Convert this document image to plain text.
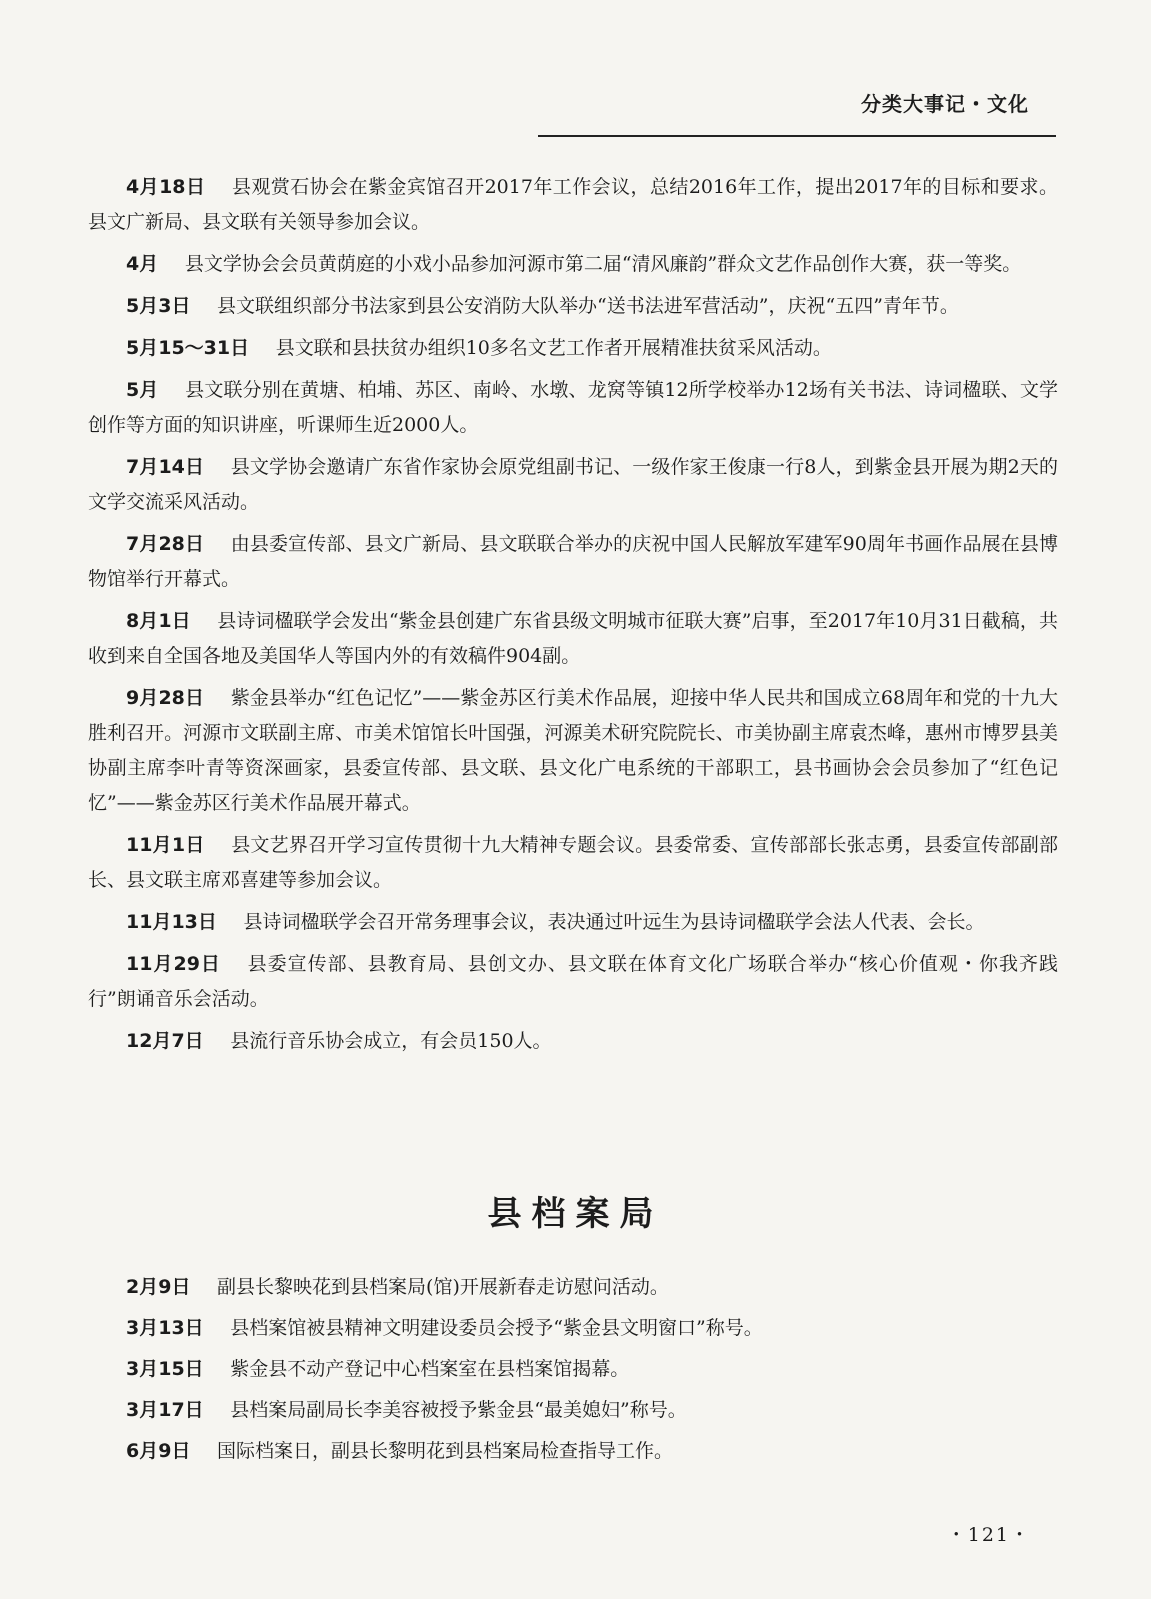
分类大事记・文化

4月18日 县观赏石协会在紫金宾馆召开2017年工作会议，总结2016年工作，提出2017年的目标和要求。县文广新局、县文联有关领导参加会议。

4月 县文学协会会员黄荫庭的小戏小品参加河源市第二届“清风廉韵”群众文艺作品创作大赛，获一等奖。

5月3日 县文联组织部分书法家到县公安消防大队举办“送书法进军营活动”，庆祝“五四”青年节。

5月15～31日 县文联和县扶贫办组织10多名文艺工作者开展精准扶贫采风活动。

5月 县文联分别在黄塘、柏埔、苏区、南岭、水墩、龙窝等镇12所学校举办12场有关书法、诗词楹联、文学创作等方面的知识讲座，听课师生近2000人。

7月14日 县文学协会邀请广东省作家协会原党组副书记、一级作家王俊康一行8人，到紫金县开展为期2天的文学交流采风活动。

7月28日 由县委宣传部、县文广新局、县文联联合举办的庆祝中国人民解放军建军90周年书画作品展在县博物馆举行开幕式。

8月1日 县诗词楹联学会发出“紫金县创建广东省县级文明城市征联大赛”启事，至2017年10月31日截稿，共收到来自全国各地及美国华人等国内外的有效稿件904副。

9月28日 紫金县举办“红色记忆”——紫金苏区行美术作品展，迎接中华人民共和国成立68周年和党的十九大胜利召开。河源市文联副主席、市美术馆馆长叶国强，河源美术研究院院长、市美协副主席袁杰峰，惠州市博罗县美协副主席李叶青等资深画家，县委宣传部、县文联、县文化广电系统的干部职工，县书画协会会员参加了“红色记忆”——紫金苏区行美术作品展开幕式。

11月1日 县文艺界召开学习宣传贯彻十九大精神专题会议。县委常委、宣传部部长张志勇，县委宣传部副部长、县文联主席邓喜建等参加会议。

11月13日 县诗词楹联学会召开常务理事会议，表决通过叶远生为县诗词楹联学会法人代表、会长。

11月29日 县委宣传部、县教育局、县创文办、县文联在体育文化广场联合举办“核心价值观・你我齐践行”朗诵音乐会活动。

12月7日 县流行音乐协会成立，有会员150人。

县档案局

2月9日 副县长黎映花到县档案局(馆)开展新春走访慰问活动。

3月13日 县档案馆被县精神文明建设委员会授予“紫金县文明窗口”称号。

3月15日 紫金县不动产登记中心档案室在县档案馆揭幕。

3月17日 县档案局副局长李美容被授予紫金县“最美媳妇”称号。

6月9日 国际档案日，副县长黎明花到县档案局检查指导工作。

・121・
